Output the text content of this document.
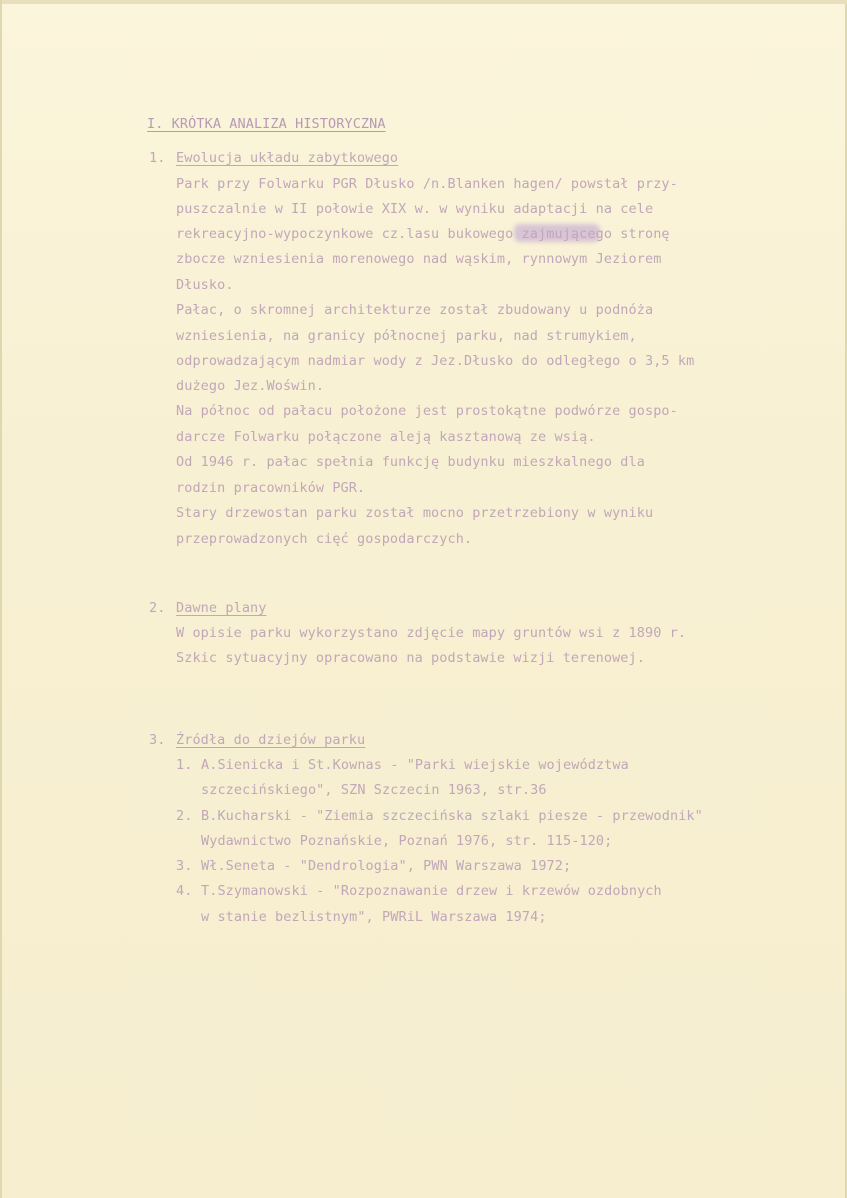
I. KRÓTKA ANALIZA HISTORYCZNA
1. Ewolucja układu zabytkowego
Park przy Folwarku PGR Dłusko /n.Blanken hagen/ powstał przy-
puszczalnie w II połowie XIX w. w wyniku adaptacji na cele
rekreacyjno-wypoczynkowe cz.lasu bukowego zajmującego stronę
zbocze wzniesienia morenowego nad wąskim, rynnowym Jeziorem
Dłusko.
Pałac, o skromnej architekturze został zbudowany u podnóża
wzniesienia, na granicy północnej parku, nad strumykiem,
odprowadzającym nadmiar wody z Jez.Dłusko do odległego o 3,5 km
dużego Jez.Woświn.
Na północ od pałacu położone jest prostokątne podwórze gospo-
darcze Folwarku połączone aleją kasztanową ze wsią.
Od 1946 r. pałac spełnia funkcję budynku mieszkalnego dla
rodzin pracowników PGR.
Stary drzewostan parku został mocno przetrzebiony w wyniku
przeprowadzonych cięć gospodarczych.
2. Dawne plany
W opisie parku wykorzystano zdjęcie mapy gruntów wsi z 1890 r.
Szkic sytuacyjny opracowano na podstawie wizji terenowej.
3. Źródła do dziejów parku
1. A.Sienicka i St.Kownas - "Parki wiejskie województwa
szczecińskiego", SZN Szczecin 1963, str.36
2. B.Kucharski - "Ziemia szczecińska szlaki piesze - przewodnik"
Wydawnictwo Poznańskie, Poznań 1976, str. 115-120;
3. Wł.Seneta - "Dendrologia", PWN Warszawa 1972;
4. T.Szymanowski - "Rozpoznawanie drzew i krzewów ozdobnych
w stanie bezlistnym", PWRiL Warszawa 1974;
